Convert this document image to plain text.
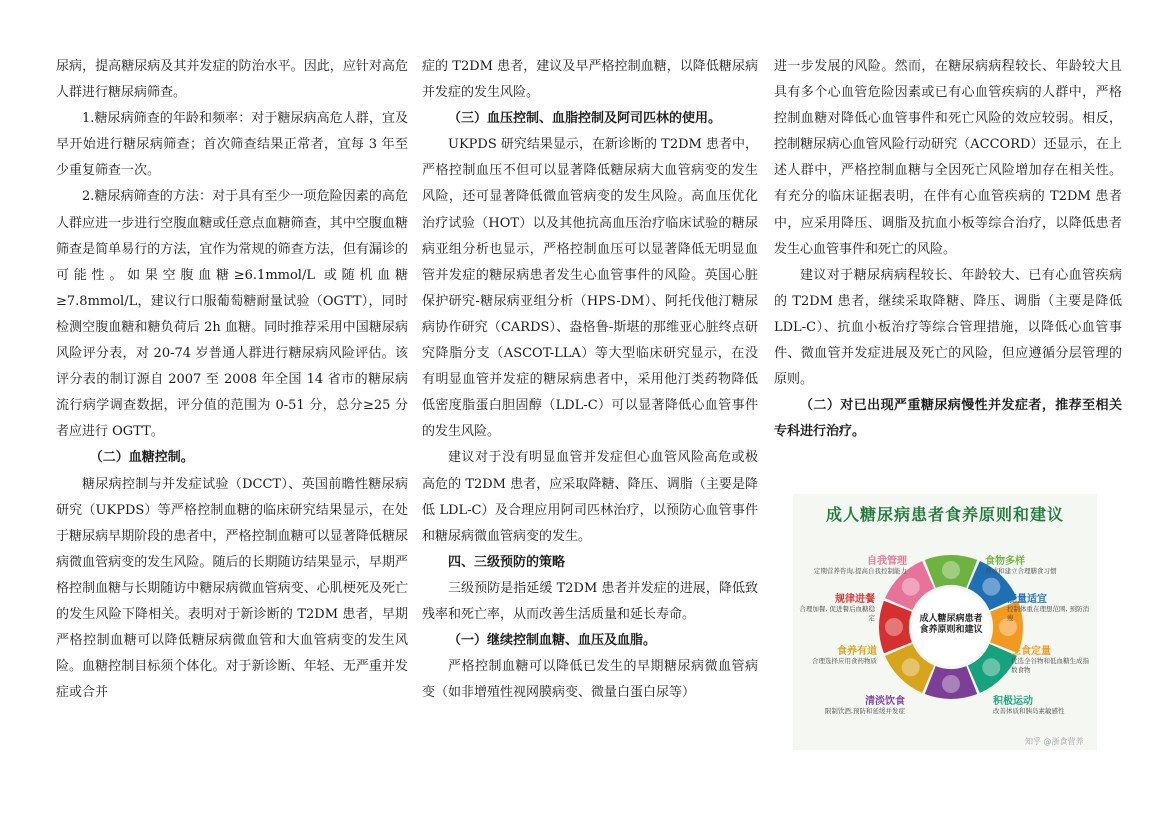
尿病，提高糖尿病及其并发症的防治水平。因此，应针对高危人群进行糖尿病筛查。

1.糖尿病筛查的年龄和频率：对于糖尿病高危人群，宜及早开始进行糖尿病筛查；首次筛查结果正常者，宜每 3 年至少重复筛查一次。

2.糖尿病筛查的方法：对于具有至少一项危险因素的高危人群应进一步进行空腹血糖或任意点血糖筛查，其中空腹血糖筛查是简单易行的方法，宜作为常规的筛查方法，但有漏诊的可能性。如果空腹血糖≥6.1mmol/L 或随机血糖≥7.8mmol/L，建议行口服葡萄糖耐量试验（OGTT），同时检测空腹血糖和糖负荷后 2h 血糖。同时推荐采用中国糖尿病风险评分表，对 20-74 岁普通人群进行糖尿病风险评估。该评分表的制订源自 2007 至 2008 年全国 14 省市的糖尿病流行病学调查数据，评分值的范围为 0-51 分，总分≥25 分者应进行 OGTT。

（二）血糖控制。

糖尿病控制与并发症试验（DCCT）、英国前瞻性糖尿病研究（UKPDS）等严格控制血糖的临床研究结果显示，在处于糖尿病早期阶段的患者中，严格控制血糖可以显著降低糖尿病微血管病变的发生风险。随后的长期随访结果显示，早期严格控制血糖与长期随访中糖尿病微血管病变、心肌梗死及死亡的发生风险下降相关。表明对于新诊断的 T2DM 患者，早期严格控制血糖可以降低糖尿病微血管和大血管病变的发生风险。血糖控制目标须个体化。对于新诊断、年轻、无严重并发症或合并

症的 T2DM 患者，建议及早严格控制血糖，以降低糖尿病并发症的发生风险。

（三）血压控制、血脂控制及阿司匹林的使用。

UKPDS 研究结果显示，在新诊断的 T2DM 患者中，严格控制血压不但可以显著降低糖尿病大血管病变的发生风险，还可显著降低微血管病变的发生风险。高血压优化治疗试验（HOT）以及其他抗高血压治疗临床试验的糖尿病亚组分析也显示，严格控制血压可以显著降低无明显血管并发症的糖尿病患者发生心血管事件的风险。英国心脏保护研究-糖尿病亚组分析（HPS-DM）、阿托伐他汀糖尿病协作研究（CARDS）、盎格鲁-斯堪的那维亚心脏终点研究降脂分支（ASCOT-LLA）等大型临床研究显示，在没有明显血管并发症的糖尿病患者中，采用他汀类药物降低低密度脂蛋白胆固醇（LDL-C）可以显著降低心血管事件的发生风险。

建议对于没有明显血管并发症但心血管风险高危或极高危的 T2DM 患者，应采取降糖、降压、调脂（主要是降低 LDL-C）及合理应用阿司匹林治疗，以预防心血管事件和糖尿病微血管病变的发生。

四、三级预防的策略

三级预防是指延缓 T2DM 患者并发症的进展，降低致残率和死亡率，从而改善生活质量和延长寿命。

（一）继续控制血糖、血压及血脂。

严格控制血糖可以降低已发生的早期糖尿病微血管病变（如非增殖性视网膜病变、微量白蛋白尿等）

进一步发展的风险。然而，在糖尿病病程较长、年龄较大且具有多个心血管危险因素或已有心血管疾病的人群中，严格控制血糖对降低心血管事件和死亡风险的效应较弱。相反，控制糖尿病心血管风险行动研究（ACCORD）还显示，在上述人群中，严格控制血糖与全因死亡风险增加存在相关性。有充分的临床证据表明，在伴有心血管疾病的 T2DM 患者中，应采用降压、调脂及抗血小板等综合治疗，以降低患者发生心血管事件和死亡的风险。

建议对于糖尿病病程较长、年龄较大、已有心血管疾病的 T2DM 患者，继续采取降糖、降压、调脂（主要是降低 LDL-C）、抗血小板治疗等综合管理措施，以降低心血管事件、微血管并发症进展及死亡的风险，但应遵循分层管理的原则。

（二）对已出现严重糖尿病慢性并发症者，推荐至相关专科进行治疗。

成人糖尿病患者食养原则和建议
成人糖尿病患者
食养原则和建议
自我管理
定期营养咨询,提高自我控制能力
食物多样
养成和建立合理膳食习惯
能量适宜
控制体重在理想范围, 预防消瘦
主食定量
优选全谷物和低血糖生成指数食物
积极运动
改善体质和胰岛素敏感性
清淡饮食
限制饮酒,预防和延缓并发症
食养有道
合理选择应用食药物质
规律进餐
合理加餐, 促进餐后血糖稳定
知乎 @浙食营养
